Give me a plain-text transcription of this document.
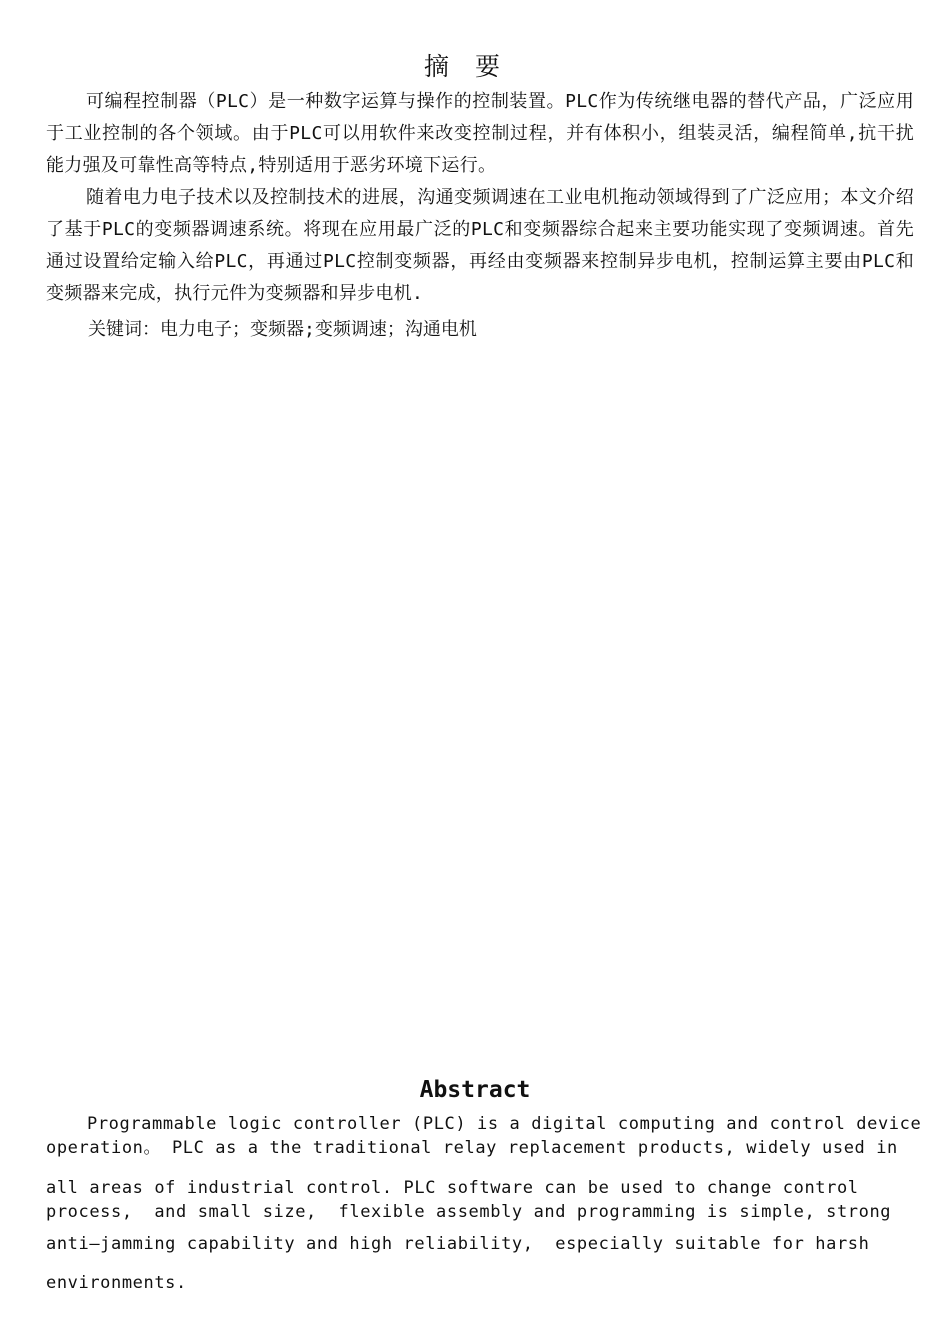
摘要

可编程控制器（PLC）是一种数字运算与操作的控制装置。PLC作为传统继电器的替代产品，广泛应用于工业控制的各个领域。由于PLC可以用软件来改变控制过程，并有体积小，组装灵活，编程简单,抗干扰能力强及可靠性高等特点,特别适用于恶劣环境下运行。

随着电力电子技术以及控制技术的进展，沟通变频调速在工业电机拖动领域得到了广泛应用；本文介绍了基于PLC的变频器调速系统。将现在应用最广泛的PLC和变频器综合起来主要功能实现了变频调速。首先通过设置给定输入给PLC，再通过PLC控制变频器，再经由变频器来控制异步电机，控制运算主要由PLC和变频器来完成，执行元件为变频器和异步电机.

关键词：电力电子；变频器;变频调速；沟通电机
Abstract
Programmable logic controller (PLC) is a digital computing and control device
operation。 PLC as a the traditional relay replacement products, widely used in
all areas of industrial control. PLC software can be used to change control
process,  and small size,  flexible assembly and programming is simple, strong
anti—jamming capability and high reliability,  especially suitable for harsh
environments.
